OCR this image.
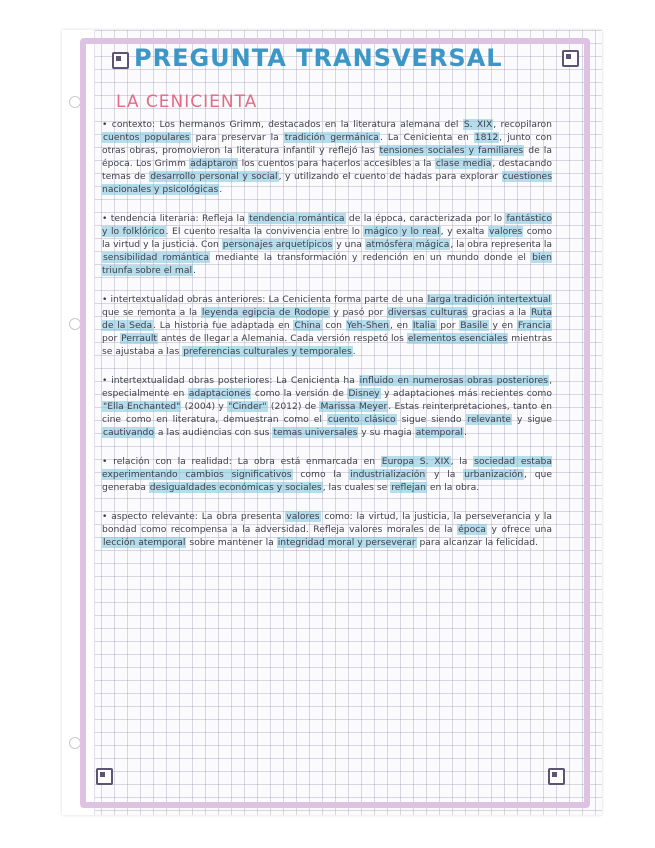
PREGUNTA TRANSVERSAL
LA CENICIENTA

• contexto: Los hermanos Grimm, destacados en la literatura alemana del S. XIX, recopilaron cuentos populares para preservar la tradición germánica. La Cenicienta en 1812, junto con otras obras, promovieron la literatura infantil y reflejó las tensiones sociales y familiares de la época. Los Grimm adaptaron los cuentos para hacerlos accesibles a la clase media, destacando temas de desarrollo personal y social, y utilizando el cuento de hadas para explorar cuestiones nacionales y psicológicas.

• tendencia literaria: Refleja la tendencia romántica de la época, caracterizada por lo fantástico y lo folklórico. El cuento resalta la convivencia entre lo mágico y lo real, y exalta valores como la virtud y la justicia. Con personajes arquetípicos y una atmósfera mágica, la obra representa la sensibilidad romántica mediante la transformación y redención en un mundo donde el bien triunfa sobre el mal.

• intertextualidad obras anteriores: La Cenicienta forma parte de una larga tradición intertextual que se remonta a la leyenda egipcia de Rodope y pasó por diversas culturas gracias a la Ruta de la Seda. La historia fue adaptada en China con Yeh-Shen, en Italia por Basile y en Francia por Perrault antes de llegar a Alemania. Cada versión respetó los elementos esenciales mientras se ajustaba a las preferencias culturales y temporales.

• intertextualidad obras posteriores: La Cenicienta ha influido en numerosas obras posteriores, especialmente en adaptaciones como la versión de Disney y adaptaciones más recientes como "Ella Enchanted" (2004) y "Cinder" (2012) de Marissa Meyer. Estas reinterpretaciones, tanto en cine como en literatura, demuestran como el cuento clásico sigue siendo relevante y sigue cautivando a las audiencias con sus temas universales y su magia atemporal.

• relación con la realidad: La obra está enmarcada en Europa S. XIX, la sociedad estaba experimentando cambios significativos como la industrialización y la urbanización, que generaba desigualdades económicas y sociales, las cuales se reflejan en la obra.

• aspecto relevante: La obra presenta valores como: la virtud, la justicia, la perseverancia y la bondad como recompensa a la adversidad. Refleja valores morales de la época y ofrece una lección atemporal sobre mantener la integridad moral y perseverar para alcanzar la felicidad.
